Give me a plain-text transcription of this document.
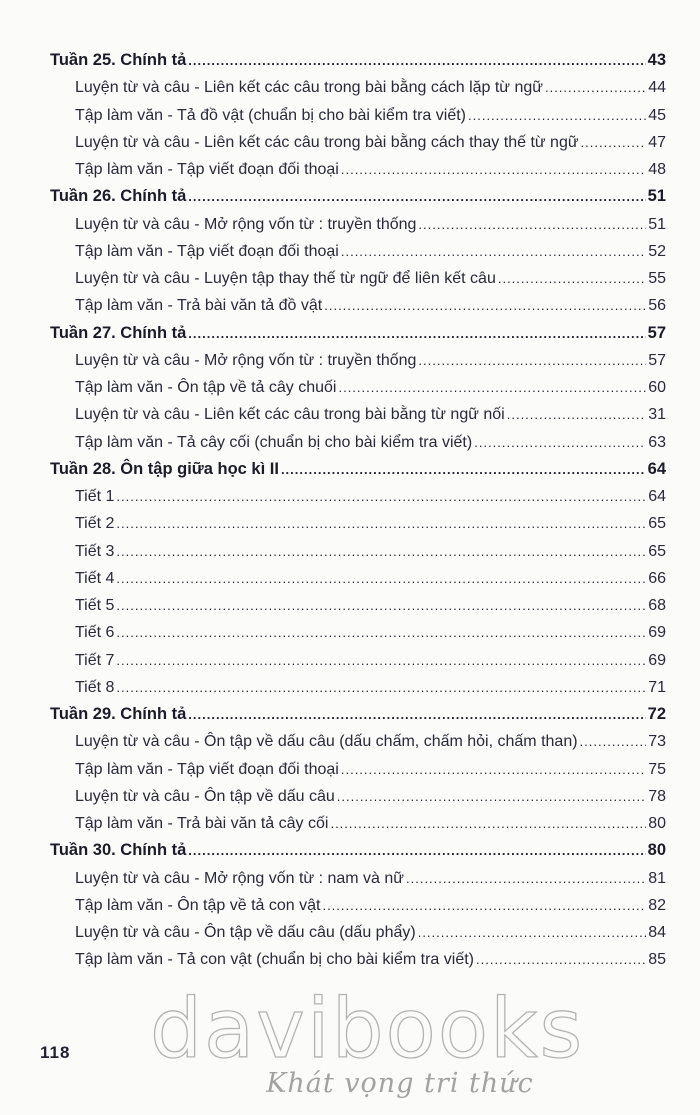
Tuần 25. Chính tả .....	43
Luyện từ và câu - Liên kết các câu trong bài bằng cách lặp từ ngữ .....	44
Tập làm văn - Tả đồ vật (chuẩn bị cho bài kiểm tra viết) .....	45
Luyện từ và câu - Liên kết các câu trong bài bằng cách thay thế từ ngữ .....	47
Tập làm văn - Tập viết đoạn đối thoại .....	48
Tuần 26. Chính tả .....	51
Luyện từ và câu - Mở rộng vốn từ : truyền thống .....	51
Tập làm văn - Tập viết đoạn đối thoại .....	52
Luyện từ và câu - Luyện tập thay thế từ ngữ để liên kết câu .....	55
Tập làm văn - Trả bài văn tả đồ vật .....	56
Tuần 27. Chính tả .....	57
Luyện từ và câu - Mở rộng vốn từ : truyền thống .....	57
Tập làm văn - Ôn tập về tả cây chuối .....	60
Luyện từ và câu - Liên kết các câu trong bài bằng từ ngữ nối .....	31
Tập làm văn - Tả cây cối (chuẩn bị cho bài kiểm tra viết) .....	63
Tuần 28. Ôn tập giữa học kì II .....	64
Tiết 1 .....	64
Tiết 2 .....	65
Tiết 3 .....	65
Tiết 4 .....	66
Tiết 5 .....	68
Tiết 6 .....	69
Tiết 7 .....	69
Tiết 8 .....	71
Tuần 29. Chính tả .....	72
Luyện từ và câu - Ôn tập về dấu câu (dấu chấm, chấm hỏi, chấm than) .....	73
Tập làm văn - Tập viết đoạn đối thoại .....	75
Luyện từ và câu - Ôn tập về dấu câu .....	78
Tập làm văn - Trả bài văn tả cây cối .....	80
Tuần 30. Chính tả .....	80
Luyện từ và câu - Mở rộng vốn từ : nam và nữ .....	81
Tập làm văn - Ôn tập về tả con vật .....	82
Luyện từ và câu - Ôn tập về dấu câu (dấu phẩy) .....	84
Tập làm văn - Tả con vật (chuẩn bị cho bài kiểm tra viết) .....	85
118 davibooks
Khát vọng tri thức
